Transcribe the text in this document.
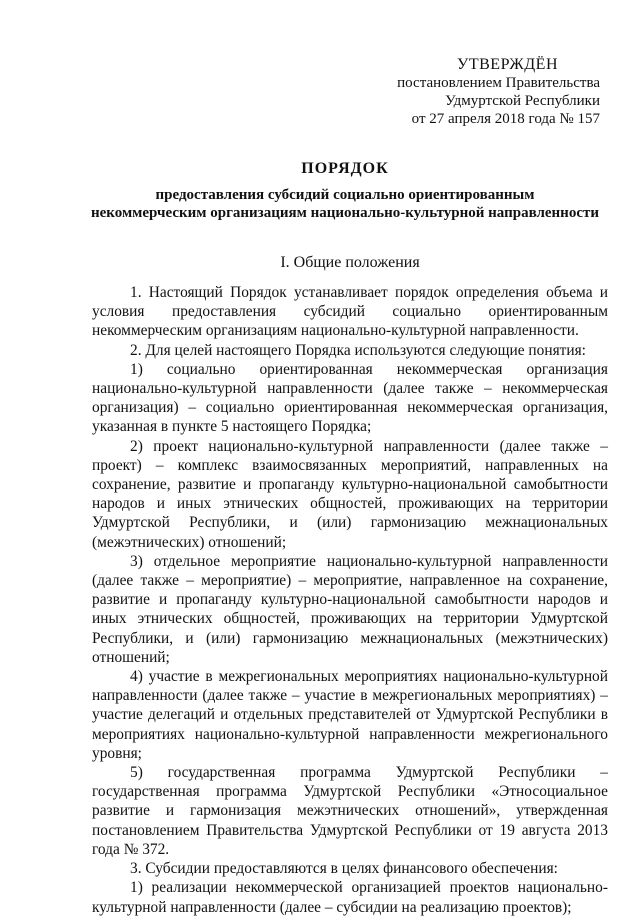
УТВЕРЖДЁН
постановлением Правительства
Удмуртской Республики
от 27 апреля 2018 года № 157
ПОРЯДОК
предоставления субсидий социально ориентированным
некоммерческим организациям национально-культурной направленности
I. Общие положения

1. Настоящий Порядок устанавливает порядок определения объема и условия предоставления субсидий социально ориентированным некоммерческим организациям национально-культурной направленности.

2. Для целей настоящего Порядка используются следующие понятия:

1) социально ориентированная некоммерческая организация национально-культурной направленности (далее также – некоммерческая организация) – социально ориентированная некоммерческая организация, указанная в пункте 5 настоящего Порядка;

2) проект национально-культурной направленности (далее также – проект) – комплекс взаимосвязанных мероприятий, направленных на сохранение, развитие и пропаганду культурно-национальной самобытности народов и иных этнических общностей, проживающих на территории Удмуртской Республики, и (или) гармонизацию межнациональных (межэтнических) отношений;

3) отдельное мероприятие национально-культурной направленности (далее также – мероприятие) – мероприятие, направленное на сохранение, развитие и пропаганду культурно-национальной самобытности народов и иных этнических общностей, проживающих на территории Удмуртской Республики, и (или) гармонизацию межнациональных (межэтнических) отношений;

4) участие в межрегиональных мероприятиях национально-культурной направленности (далее также – участие в межрегиональных мероприятиях) – участие делегаций и отдельных представителей от Удмуртской Республики в мероприятиях национально-культурной направленности межрегионального уровня;

5) государственная программа Удмуртской Республики – государственная программа Удмуртской Республики «Этносоциальное развитие и гармонизация межэтнических отношений», утвержденная постановлением Правительства Удмуртской Республики от 19 августа 2013 года № 372.

3. Субсидии предоставляются в целях финансового обеспечения:

1) реализации некоммерческой организацией проектов национально-культурной направленности (далее – субсидии на реализацию проектов);
